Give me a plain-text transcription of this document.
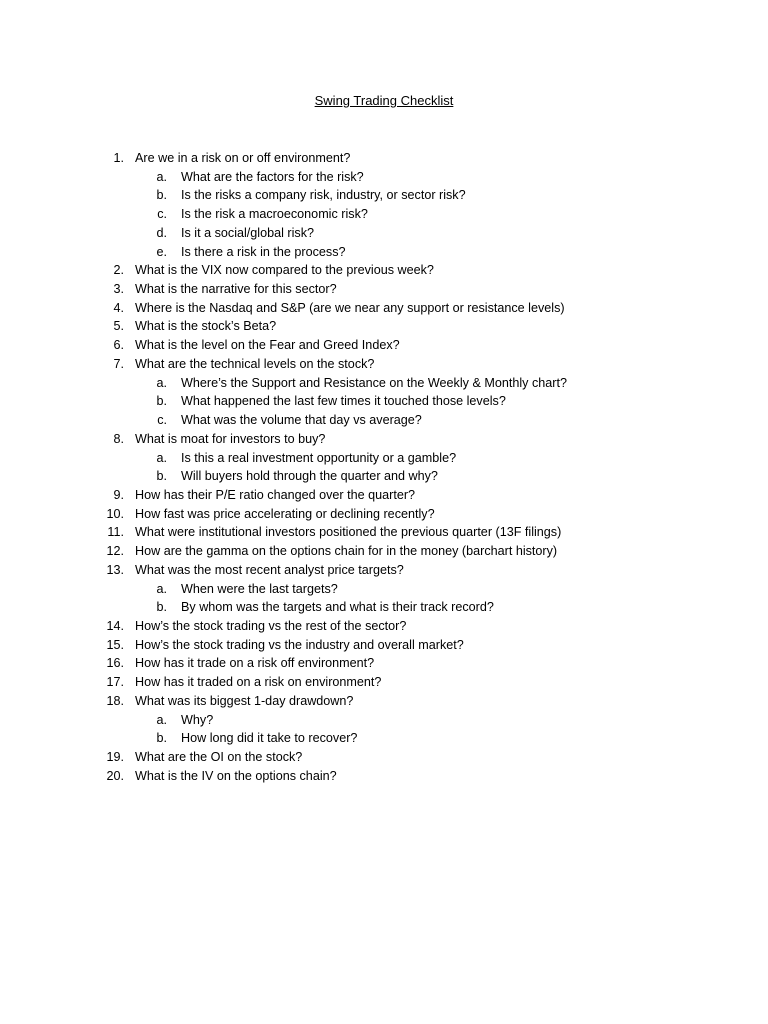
Swing Trading Checklist
1. Are we in a risk on or off environment?
a. What are the factors for the risk?
b. Is the risks a company risk, industry, or sector risk?
c. Is the risk a macroeconomic risk?
d. Is it a social/global risk?
e. Is there a risk in the process?
2. What is the VIX now compared to the previous week?
3. What is the narrative for this sector?
4. Where is the Nasdaq and S&P (are we near any support or resistance levels)
5. What is the stock’s Beta?
6. What is the level on the Fear and Greed Index?
7. What are the technical levels on the stock?
a. Where’s the Support and Resistance on the Weekly & Monthly chart?
b. What happened the last few times it touched those levels?
c. What was the volume that day vs average?
8. What is moat for investors to buy?
a. Is this a real investment opportunity or a gamble?
b. Will buyers hold through the quarter and why?
9. How has their P/E ratio changed over the quarter?
10. How fast was price accelerating or declining recently?
11. What were institutional investors positioned the previous quarter (13F filings)
12. How are the gamma on the options chain for in the money (barchart history)
13. What was the most recent analyst price targets?
a. When were the last targets?
b. By whom was the targets and what is their track record?
14. How’s the stock trading vs the rest of the sector?
15. How’s the stock trading vs the industry and overall market?
16. How has it trade on a risk off environment?
17. How has it traded on a risk on environment?
18. What was its biggest 1-day drawdown?
a. Why?
b. How long did it take to recover?
19. What are the OI on the stock?
20. What is the IV on the options chain?
